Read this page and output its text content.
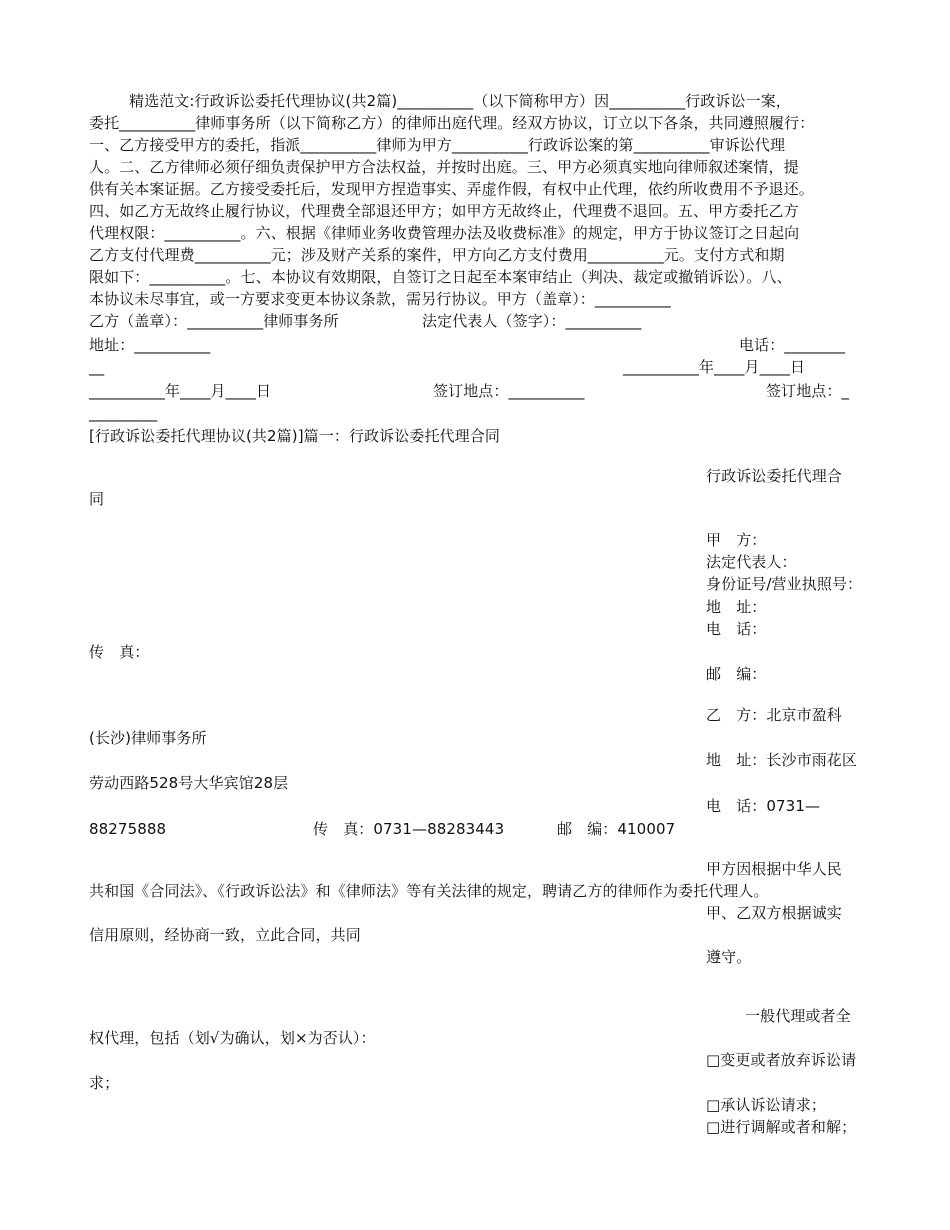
精选范文:行政诉讼委托代理协议(共2篇)__________（以下简称甲方）因__________行政诉讼一案，
委托__________律师事务所（以下简称乙方）的律师出庭代理。经双方协议，订立以下各条，共同遵照履行：
一、乙方接受甲方的委托，指派__________律师为甲方__________行政诉讼案的第__________审诉讼代理
人。二、乙方律师必须仔细负责保护甲方合法权益，并按时出庭。三、甲方必须真实地向律师叙述案情，提
供有关本案证据。乙方接受委托后，发现甲方捏造事实、弄虚作假，有权中止代理，依约所收费用不予退还。
四、如乙方无故终止履行协议，代理费全部退还甲方；如甲方无故终止，代理费不退回。五、甲方委托乙方
代理权限：__________。六、根据《律师业务收费管理办法及收费标准》的规定，甲方于协议签订之日起向
乙方支付代理费__________元；涉及财产关系的案件，甲方向乙方支付费用__________元。支付方式和期
限如下：__________。七、本协议有效期限，自签订之日起至本案审结止（判决、裁定或撤销诉讼）。八、
本协议未尽事宜，或一方要求变更本协议条款，需另行协议。甲方（盖章）：__________
乙方（盖章）：__________律师事务所	法定代表人（签字）：__________
地址：__________	电话：________
__	__________年____月____日
__________年____月____日	签订地点：__________	签订地点：_
_________
[行政诉讼委托代理协议(共2篇)]篇一：行政诉讼委托代理合同
行政诉讼委托代理合
同
甲　方：
法定代表人：
身份证号/营业执照号：
地　址：
电　话：
传　真：
邮　编：
乙　方：北京市盈科
(长沙)律师事务所
地　址：长沙市雨花区
劳动西路528号大华宾馆28层
电　话：0731—
88275888	传　真：0731—88283443	邮　编：410007
甲方因根据中华人民
共和国《合同法》、《行政诉讼法》和《律师法》等有关法律的规定，聘请乙方的律师作为委托代理人。
甲、乙双方根据诚实
信用原则，经协商一致，立此合同，共同
遵守。
一般代理或者全
权代理，包括（划√为确认，划×为否认）：
□变更或者放弃诉讼请
求；
□承认诉讼请求；
□进行调解或者和解；
